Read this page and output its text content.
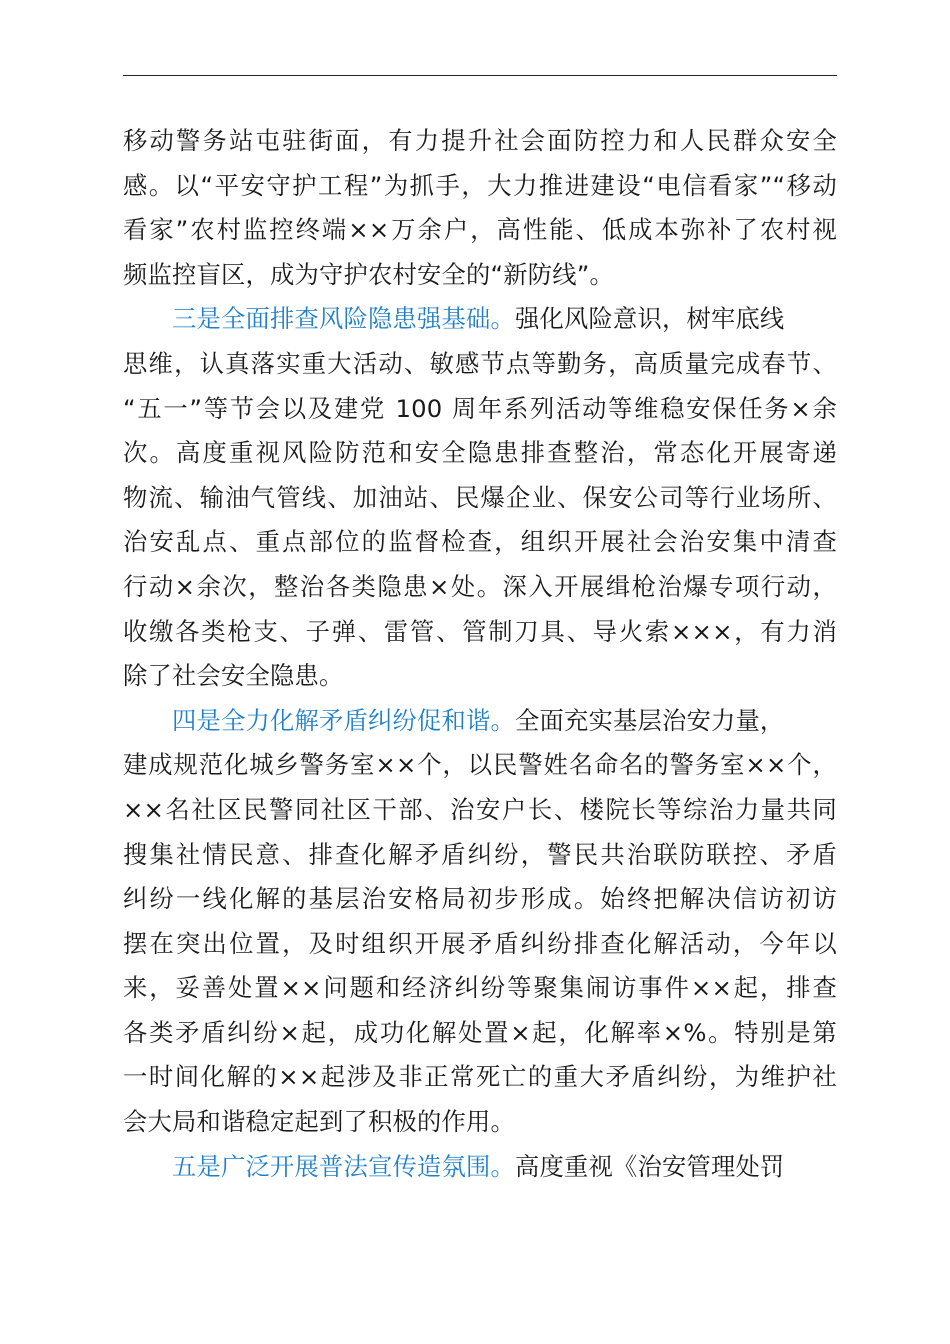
移动警务站屯驻街面，有力提升社会面防控力和人民群众安全
感。以“平安守护工程”为抓手，大力推进建设“电信看家”“移动
看家”农村监控终端××万余户，高性能、低成本弥补了农村视
频监控盲区，成为守护农村安全的“新防线”。
三是全面排查风险隐患强基础。强化风险意识，树牢底线
思维，认真落实重大活动、敏感节点等勤务，高质量完成春节、
“五一”等节会以及建党 100 周年系列活动等维稳安保任务×余
次。高度重视风险防范和安全隐患排查整治，常态化开展寄递
物流、输油气管线、加油站、民爆企业、保安公司等行业场所、
治安乱点、重点部位的监督检查，组织开展社会治安集中清查
行动×余次，整治各类隐患×处。深入开展缉枪治爆专项行动，
收缴各类枪支、子弹、雷管、管制刀具、导火索×××，有力消
除了社会安全隐患。
四是全力化解矛盾纠纷促和谐。全面充实基层治安力量，
建成规范化城乡警务室××个，以民警姓名命名的警务室××个，
××名社区民警同社区干部、治安户长、楼院长等综治力量共同
搜集社情民意、排查化解矛盾纠纷，警民共治联防联控、矛盾
纠纷一线化解的基层治安格局初步形成。始终把解决信访初访
摆在突出位置，及时组织开展矛盾纠纷排查化解活动，今年以
来，妥善处置××问题和经济纠纷等聚集闹访事件××起，排查
各类矛盾纠纷×起，成功化解处置×起，化解率×%。特别是第
一时间化解的××起涉及非正常死亡的重大矛盾纠纷，为维护社
会大局和谐稳定起到了积极的作用。
五是广泛开展普法宣传造氛围。高度重视《治安管理处罚
